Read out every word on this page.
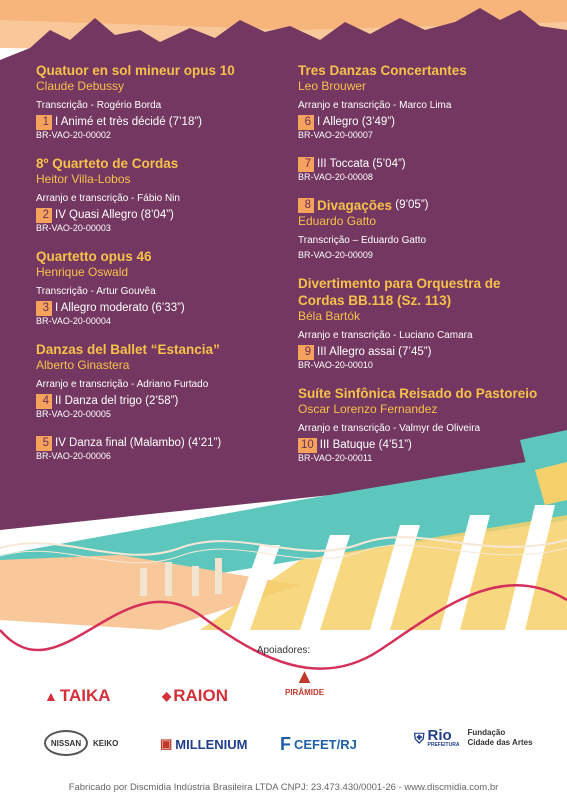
Quatuor en sol mineur opus 10
Claude Debussy
Transcrição - Rogério Borda
1 I Animé et très décidé (7’18”)
BR-VAO-20-00002
8º Quarteto de Cordas
Heitor Villa-Lobos
Arranjo e transcrição - Fábio Nin
2 IV Quasi Allegro (8’04”)
BR-VAO-20-00003
Quartetto opus 46
Henrique Oswald
Transcrição - Artur Gouvêa
3 I Allegro moderato (6’33”)
BR-VAO-20-00004
Danzas del Ballet “Estancia”
Alberto Ginastera
Arranjo e transcrição - Adriano Furtado
4 II Danza del trigo (2’58”)
BR-VAO-20-00005
5 IV Danza final (Malambo) (4’21”)
BR-VAO-20-00006
Tres Danzas Concertantes
Leo Brouwer
Arranjo e transcrição - Marco Lima
6 I Allegro (3’49”)
BR-VAO-20-00007
7 III Toccata (5’04”)
BR-VAO-20-00008
8 Divagações
(9’05”)
Eduardo Gatto
Transcrição – Eduardo Gatto
BR-VAO-20-00009
Divertimento para Orquestra de Cordas BB.118 (Sz. 113)
Béla Bartók
Arranjo e transcrição - Luciano Camara
9 III Allegro assai (7’45”)
BR-VAO-20-00010
Suíte Sinfônica Reisado do Pastoreio
Oscar Lorenzo Fernandez
Arranjo e transcrição - Valmyr de Oliveira
10 III Batuque (4’51”)
BR-VAO-20-00011
Apoiadores:
▲ TAIKA	◆ RAION
▲
PIRÂMIDE
NISSAN	KEIKO	▣ MILLENIUM F CEFET/RJ	⛨ Rio
PREFEITURA
Fundação
Cidade das Artes
Fabricado por Discmidia Indústria Brasileira LTDA CNPJ: 23.473.430/0001-26 - www.discmidia.com.br
